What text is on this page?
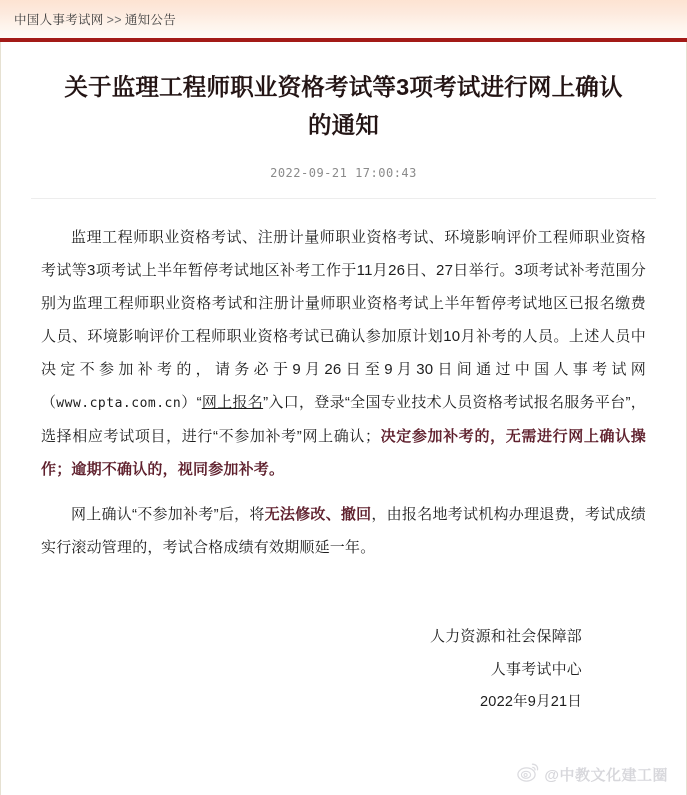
中国人事考试网 >> 通知公告
关于监理工程师职业资格考试等3项考试进行网上确认的通知
2022-09-21 17:00:43

监理工程师职业资格考试、注册计量师职业资格考试、环境影响评价工程师职业资格考试等3项考试上半年暂停考试地区补考工作于11月26日、27日举行。3项考试补考范围分别为监理工程师职业资格考试和注册计量师职业资格考试上半年暂停考试地区已报名缴费人员、环境影响评价工程师职业资格考试已确认参加原计划10月补考的人员。上述人员中决定不参加补考的，请务必于9月26日至9月30日间通过中国人事考试网（www.cpta.com.cn）“网上报名”入口，登录“全国专业技术人员资格考试报名服务平台”，选择相应考试项目，进行“不参加补考”网上确认；决定参加补考的，无需进行网上确认操作；逾期不确认的，视同参加补考。

网上确认“不参加补考”后，将无法修改、撤回，由报名地考试机构办理退费，考试成绩实行滚动管理的，考试合格成绩有效期顺延一年。

人力资源和社会保障部
人事考试中心
2022年9月21日
@中教文化建工圈
